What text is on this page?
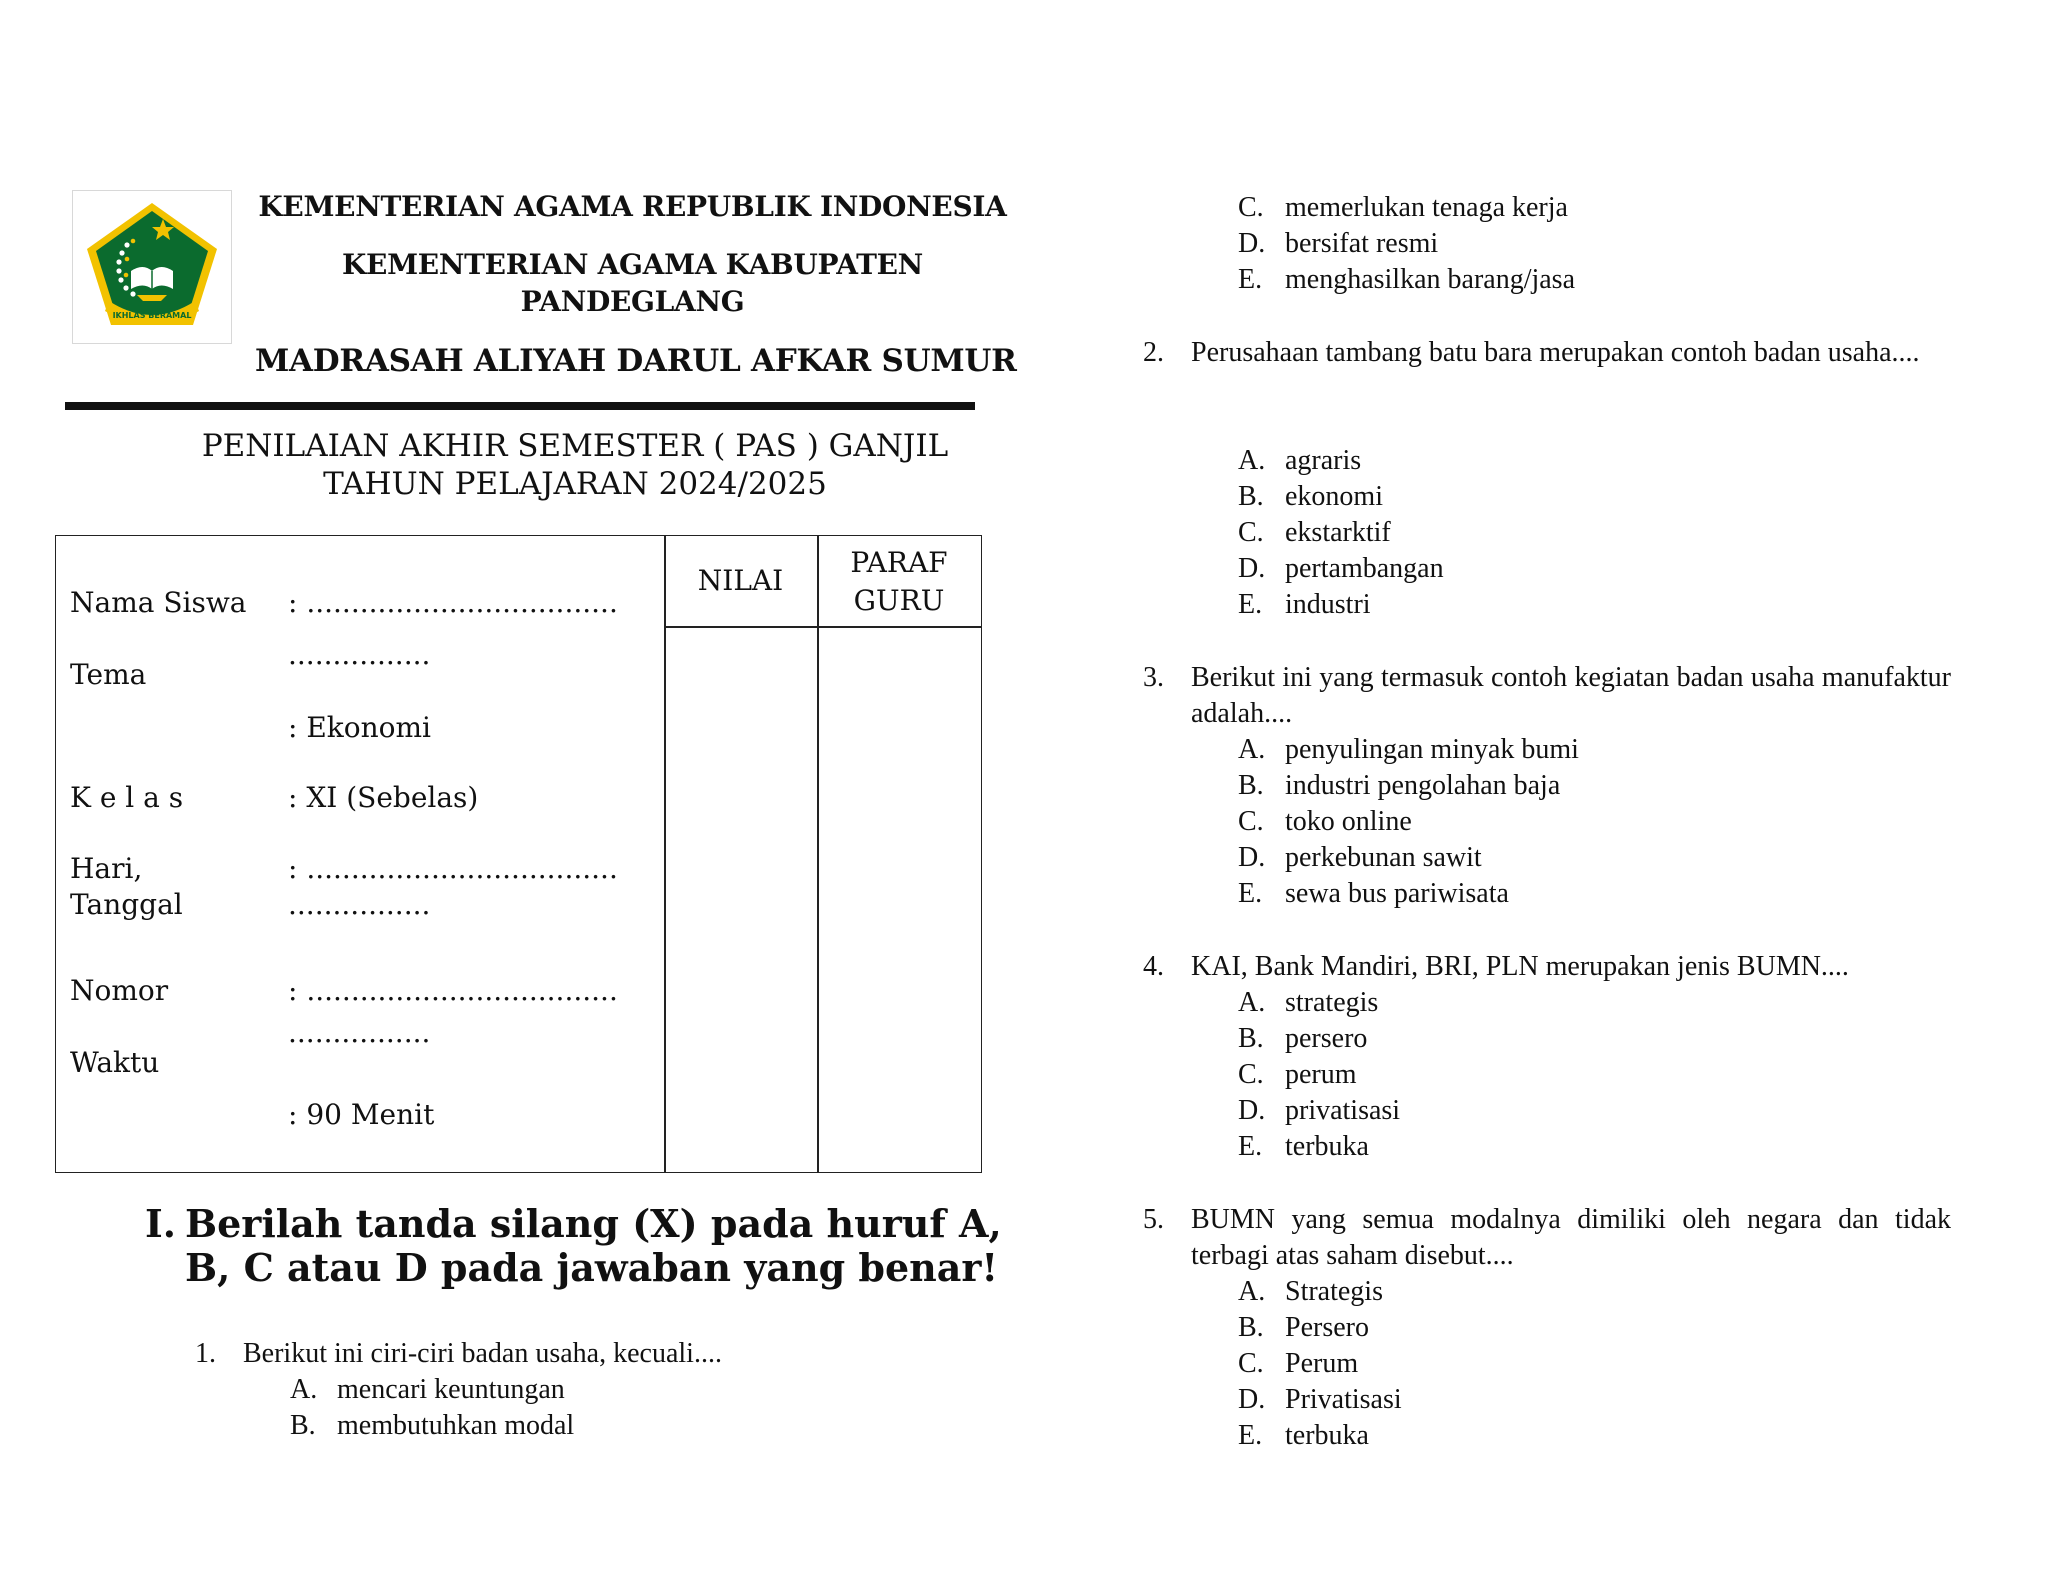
IKHLAS BERAMAL
KEMENTERIAN AGAMA REPUBLIK INDONESIA
KEMENTERIAN AGAMA KABUPATEN
PANDEGLANG
MADRASAH ALIYAH DARUL AFKAR SUMUR
PENILAIAN AKHIR SEMESTER ( PAS ) GANJIL
TAHUN PELAJARAN 2024/2025
NILAI
PARAF
GURU
Nama Siswa : ...................................
................
Tema
: Ekonomi
K e l a s	: XI (Sebelas)
Hari,
Tanggal
: ...................................
................
Nomor	: ...................................
................
Waktu
: 90 Menit
I. Berilah tanda silang (X) pada huruf A, B, C atau D pada jawaban yang benar!
1. Berikut ini ciri-ciri badan usaha, kecuali....
A. mencari keuntungan
B. membutuhkan modal
C. memerlukan tenaga kerja
D. bersifat resmi
E. menghasilkan barang/jasa
2. Perusahaan tambang batu bara merupakan contoh badan usaha....
A. agraris
B. ekonomi
C. ekstarktif
D. pertambangan
E. industri
3. Berikut ini yang termasuk contoh kegiatan badan usaha manufaktur adalah....
A. penyulingan minyak bumi
B. industri pengolahan baja
C. toko online
D. perkebunan sawit
E. sewa bus pariwisata
4. KAI, Bank Mandiri, BRI, PLN merupakan jenis BUMN....
A. strategis
B. persero
C. perum
D. privatisasi
E. terbuka
5. BUMN yang semua modalnya dimiliki oleh negara dan tidak terbagi atas saham disebut....
A. Strategis
B. Persero
C. Perum
D. Privatisasi
E. terbuka
